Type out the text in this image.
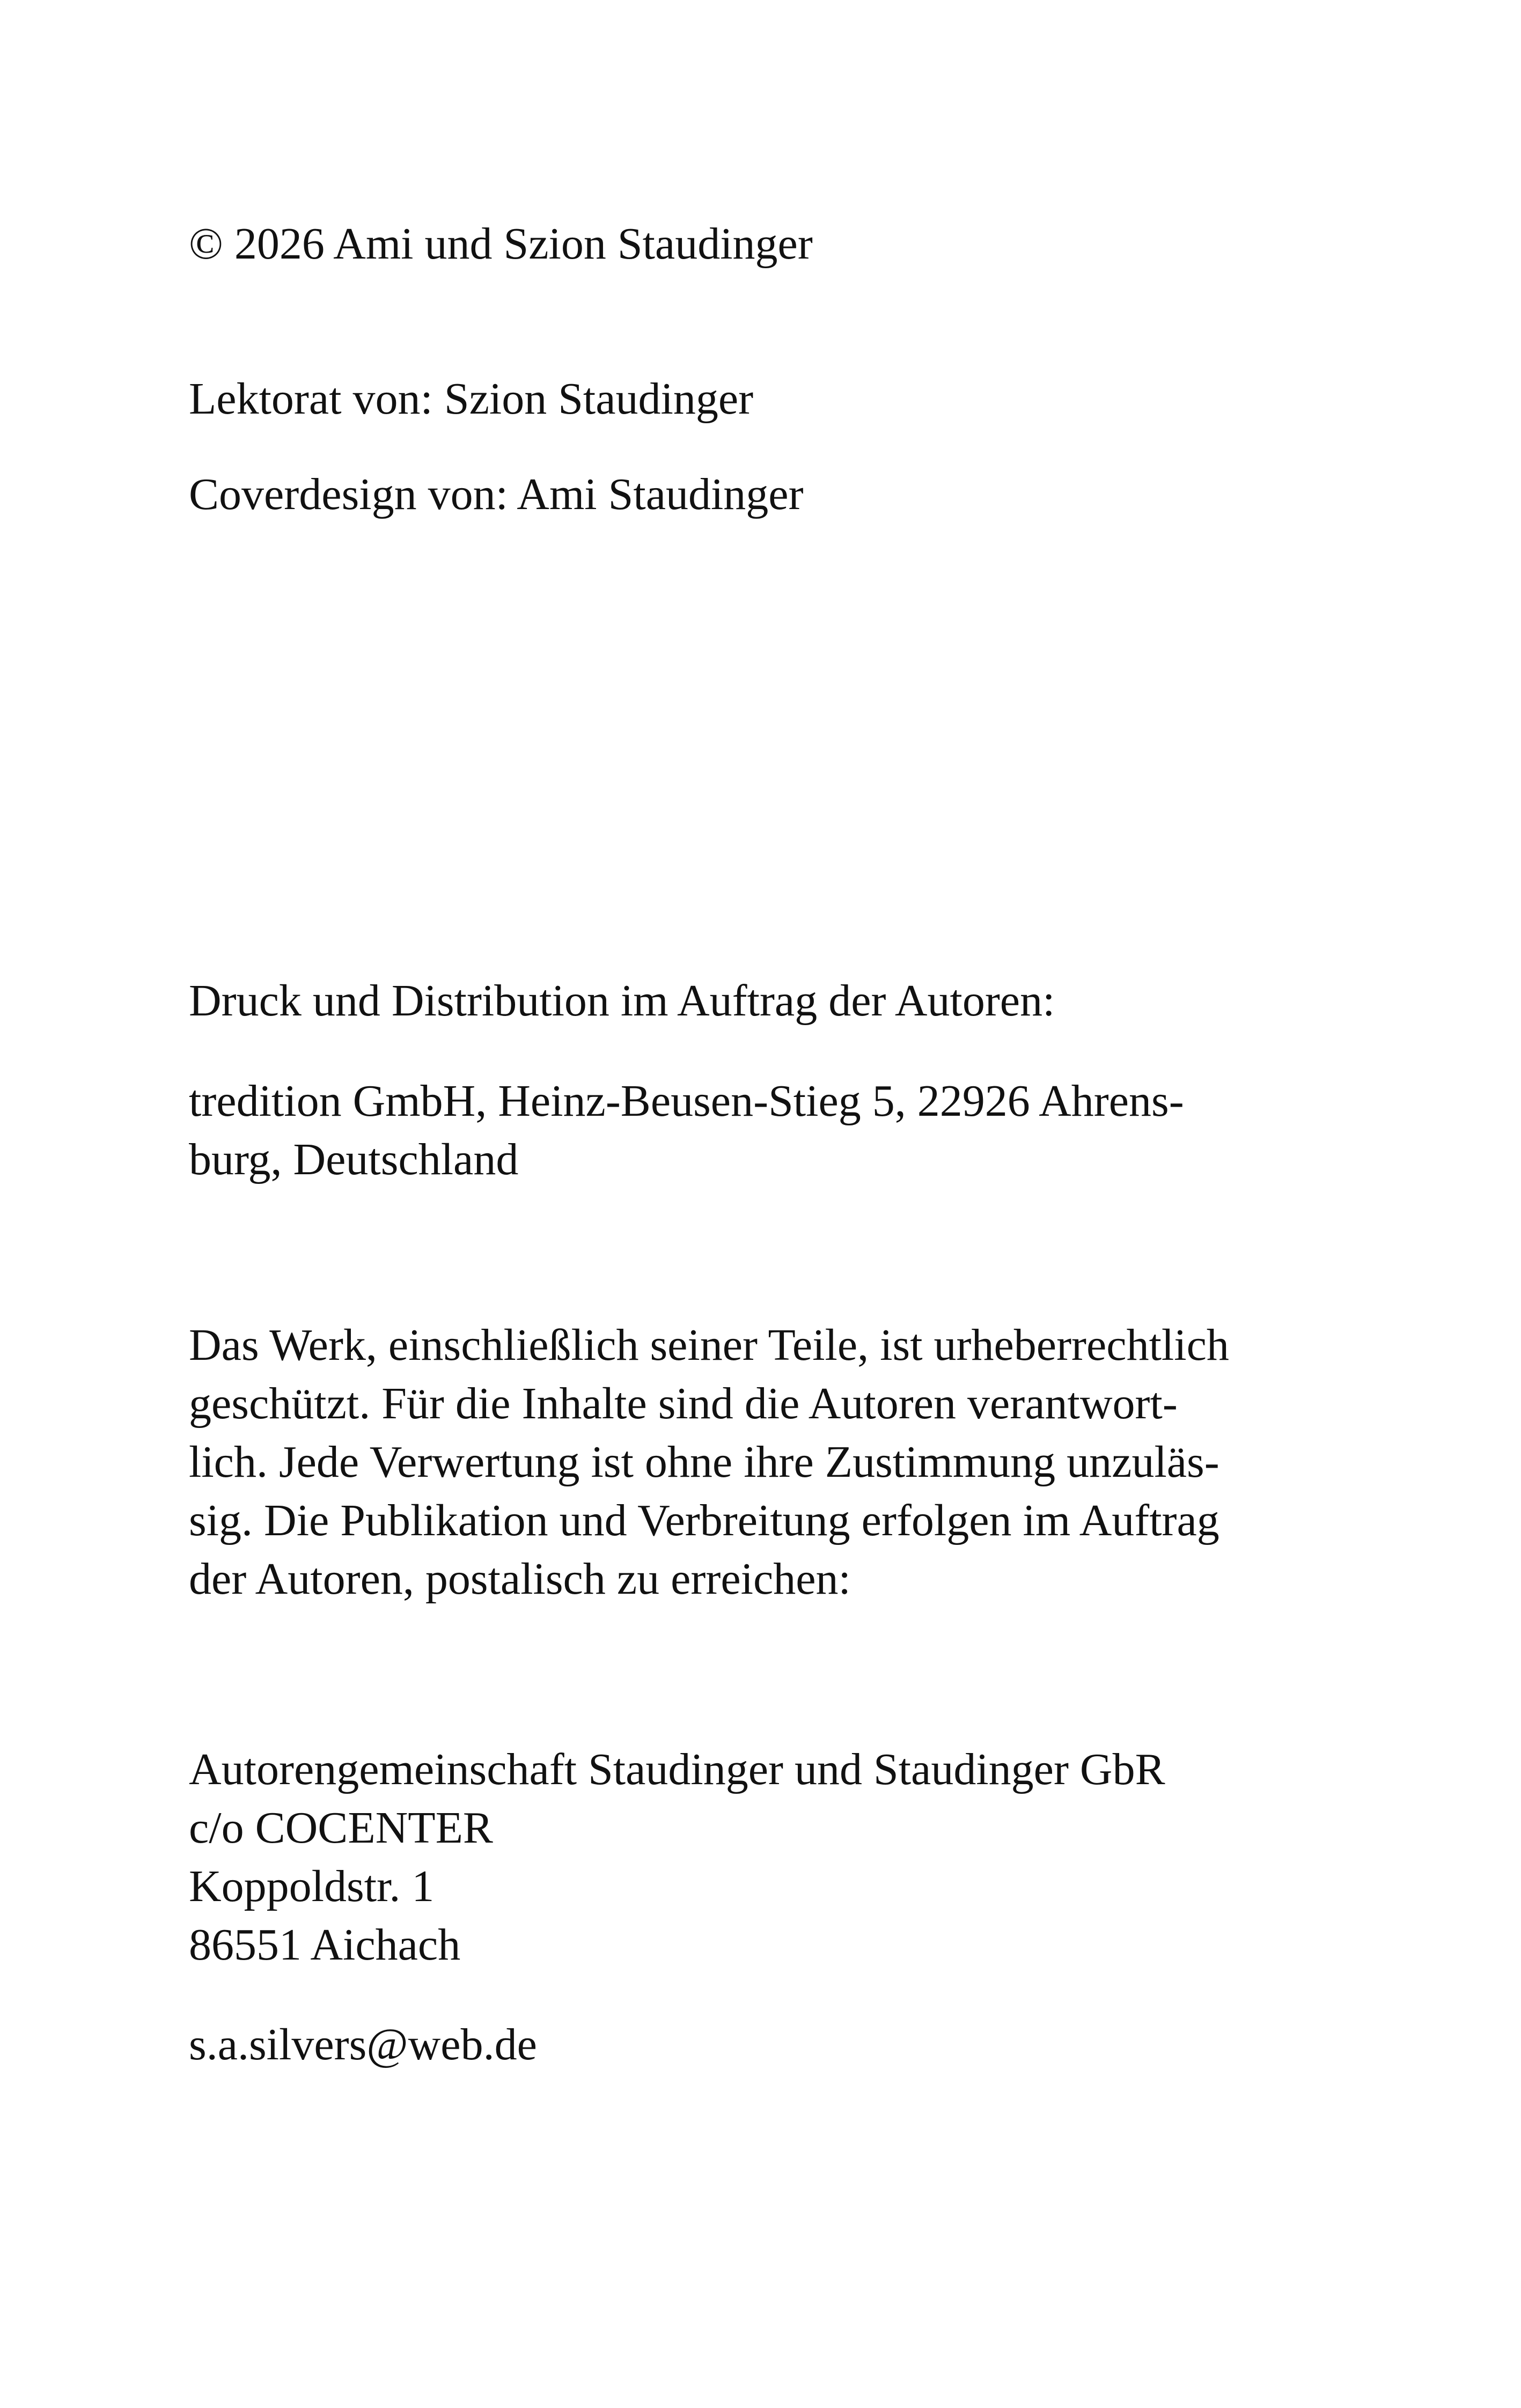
© 2026 Ami und Szion Staudinger
Lektorat von: Szion Staudinger
Coverdesign von: Ami Staudinger
Druck und Distribution im Auftrag der Autoren:
tredition GmbH, Heinz-Beusen-Stieg 5, 22926 Ahrens-
burg, Deutschland
Das Werk, einschließlich seiner Teile, ist urheberrechtlich
geschützt. Für die Inhalte sind die Autoren verantwort-
lich. Jede Verwertung ist ohne ihre Zustimmung unzuläs-
sig. Die Publikation und Verbreitung erfolgen im Auftrag
der Autoren, postalisch zu erreichen:
Autorengemeinschaft Staudinger und Staudinger GbR
c/o COCENTER
Koppoldstr. 1
86551 Aichach
s.a.silvers@web.de
